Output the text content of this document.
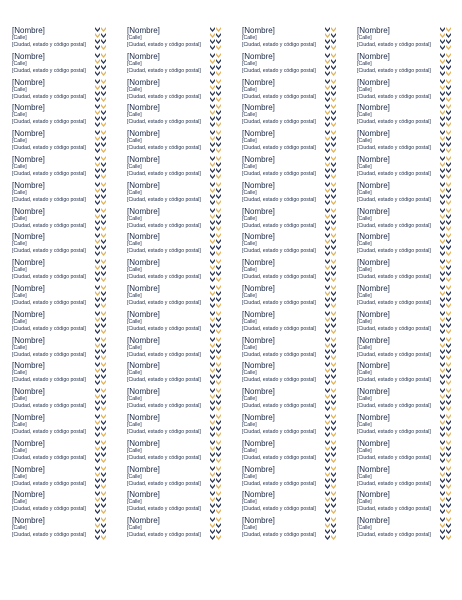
[Nombre]
[Calle]
[Ciudad, estado y código postal]
[Nombre]
[Calle]
[Ciudad, estado y código postal]
[Nombre]
[Calle]
[Ciudad, estado y código postal]
[Nombre]
[Calle]
[Ciudad, estado y código postal]
[Nombre]
[Calle]
[Ciudad, estado y código postal]
[Nombre]
[Calle]
[Ciudad, estado y código postal]
[Nombre]
[Calle]
[Ciudad, estado y código postal]
[Nombre]
[Calle]
[Ciudad, estado y código postal]
[Nombre]
[Calle]
[Ciudad, estado y código postal]
[Nombre]
[Calle]
[Ciudad, estado y código postal]
[Nombre]
[Calle]
[Ciudad, estado y código postal]
[Nombre]
[Calle]
[Ciudad, estado y código postal]
[Nombre]
[Calle]
[Ciudad, estado y código postal]
[Nombre]
[Calle]
[Ciudad, estado y código postal]
[Nombre]
[Calle]
[Ciudad, estado y código postal]
[Nombre]
[Calle]
[Ciudad, estado y código postal]
[Nombre]
[Calle]
[Ciudad, estado y código postal]
[Nombre]
[Calle]
[Ciudad, estado y código postal]
[Nombre]
[Calle]
[Ciudad, estado y código postal]
[Nombre]
[Calle]
[Ciudad, estado y código postal]
[Nombre]
[Calle]
[Ciudad, estado y código postal]
[Nombre]
[Calle]
[Ciudad, estado y código postal]
[Nombre]
[Calle]
[Ciudad, estado y código postal]
[Nombre]
[Calle]
[Ciudad, estado y código postal]
[Nombre]
[Calle]
[Ciudad, estado y código postal]
[Nombre]
[Calle]
[Ciudad, estado y código postal]
[Nombre]
[Calle]
[Ciudad, estado y código postal]
[Nombre]
[Calle]
[Ciudad, estado y código postal]
[Nombre]
[Calle]
[Ciudad, estado y código postal]
[Nombre]
[Calle]
[Ciudad, estado y código postal]
[Nombre]
[Calle]
[Ciudad, estado y código postal]
[Nombre]
[Calle]
[Ciudad, estado y código postal]
[Nombre]
[Calle]
[Ciudad, estado y código postal]
[Nombre]
[Calle]
[Ciudad, estado y código postal]
[Nombre]
[Calle]
[Ciudad, estado y código postal]
[Nombre]
[Calle]
[Ciudad, estado y código postal]
[Nombre]
[Calle]
[Ciudad, estado y código postal]
[Nombre]
[Calle]
[Ciudad, estado y código postal]
[Nombre]
[Calle]
[Ciudad, estado y código postal]
[Nombre]
[Calle]
[Ciudad, estado y código postal]
[Nombre]
[Calle]
[Ciudad, estado y código postal]
[Nombre]
[Calle]
[Ciudad, estado y código postal]
[Nombre]
[Calle]
[Ciudad, estado y código postal]
[Nombre]
[Calle]
[Ciudad, estado y código postal]
[Nombre]
[Calle]
[Ciudad, estado y código postal]
[Nombre]
[Calle]
[Ciudad, estado y código postal]
[Nombre]
[Calle]
[Ciudad, estado y código postal]
[Nombre]
[Calle]
[Ciudad, estado y código postal]
[Nombre]
[Calle]
[Ciudad, estado y código postal]
[Nombre]
[Calle]
[Ciudad, estado y código postal]
[Nombre]
[Calle]
[Ciudad, estado y código postal]
[Nombre]
[Calle]
[Ciudad, estado y código postal]
[Nombre]
[Calle]
[Ciudad, estado y código postal]
[Nombre]
[Calle]
[Ciudad, estado y código postal]
[Nombre]
[Calle]
[Ciudad, estado y código postal]
[Nombre]
[Calle]
[Ciudad, estado y código postal]
[Nombre]
[Calle]
[Ciudad, estado y código postal]
[Nombre]
[Calle]
[Ciudad, estado y código postal]
[Nombre]
[Calle]
[Ciudad, estado y código postal]
[Nombre]
[Calle]
[Ciudad, estado y código postal]
[Nombre]
[Calle]
[Ciudad, estado y código postal]
[Nombre]
[Calle]
[Ciudad, estado y código postal]
[Nombre]
[Calle]
[Ciudad, estado y código postal]
[Nombre]
[Calle]
[Ciudad, estado y código postal]
[Nombre]
[Calle]
[Ciudad, estado y código postal]
[Nombre]
[Calle]
[Ciudad, estado y código postal]
[Nombre]
[Calle]
[Ciudad, estado y código postal]
[Nombre]
[Calle]
[Ciudad, estado y código postal]
[Nombre]
[Calle]
[Ciudad, estado y código postal]
[Nombre]
[Calle]
[Ciudad, estado y código postal]
[Nombre]
[Calle]
[Ciudad, estado y código postal]
[Nombre]
[Calle]
[Ciudad, estado y código postal]
[Nombre]
[Calle]
[Ciudad, estado y código postal]
[Nombre]
[Calle]
[Ciudad, estado y código postal]
[Nombre]
[Calle]
[Ciudad, estado y código postal]
[Nombre]
[Calle]
[Ciudad, estado y código postal]
[Nombre]
[Calle]
[Ciudad, estado y código postal]
[Nombre]
[Calle]
[Ciudad, estado y código postal]
[Nombre]
[Calle]
[Ciudad, estado y código postal]
[Nombre]
[Calle]
[Ciudad, estado y código postal]
